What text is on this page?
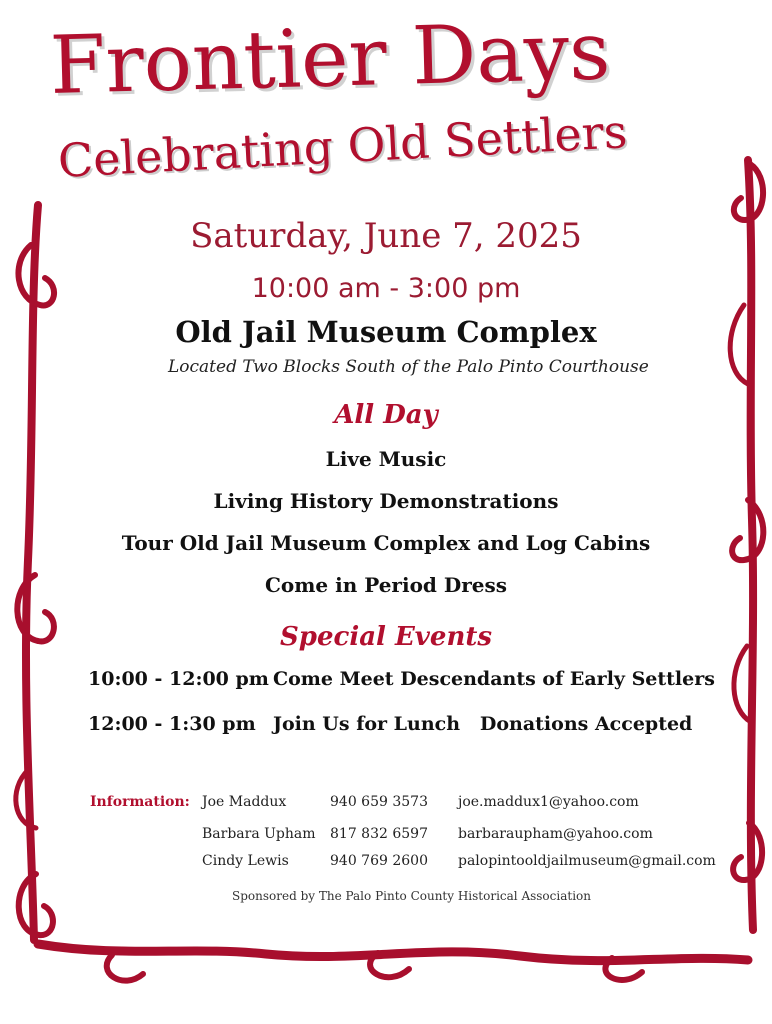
Frontier Days
Celebrating Old Settlers
Saturday, June 7, 2025
10:00 am - 3:00 pm
Old Jail Museum Complex
Located Two Blocks South of the Palo Pinto Courthouse
All Day
Live Music
Living History Demonstrations
Tour Old Jail Museum Complex and Log Cabins
Come in Period Dress
Special Events
10:00 - 12:00 pm Come Meet Descendants of Early Settlers
12:00 - 1:30 pm Join Us for Lunch   Donations Accepted
Information: Joe Maddux	940 659 3573 joe.maddux1@yahoo.com
Barbara Upham 817 832 6597 barbaraupham@yahoo.com
Cindy Lewis	940 769 2600 palopintooldjailmuseum@gmail.com
Sponsored by The Palo Pinto County Historical Association
